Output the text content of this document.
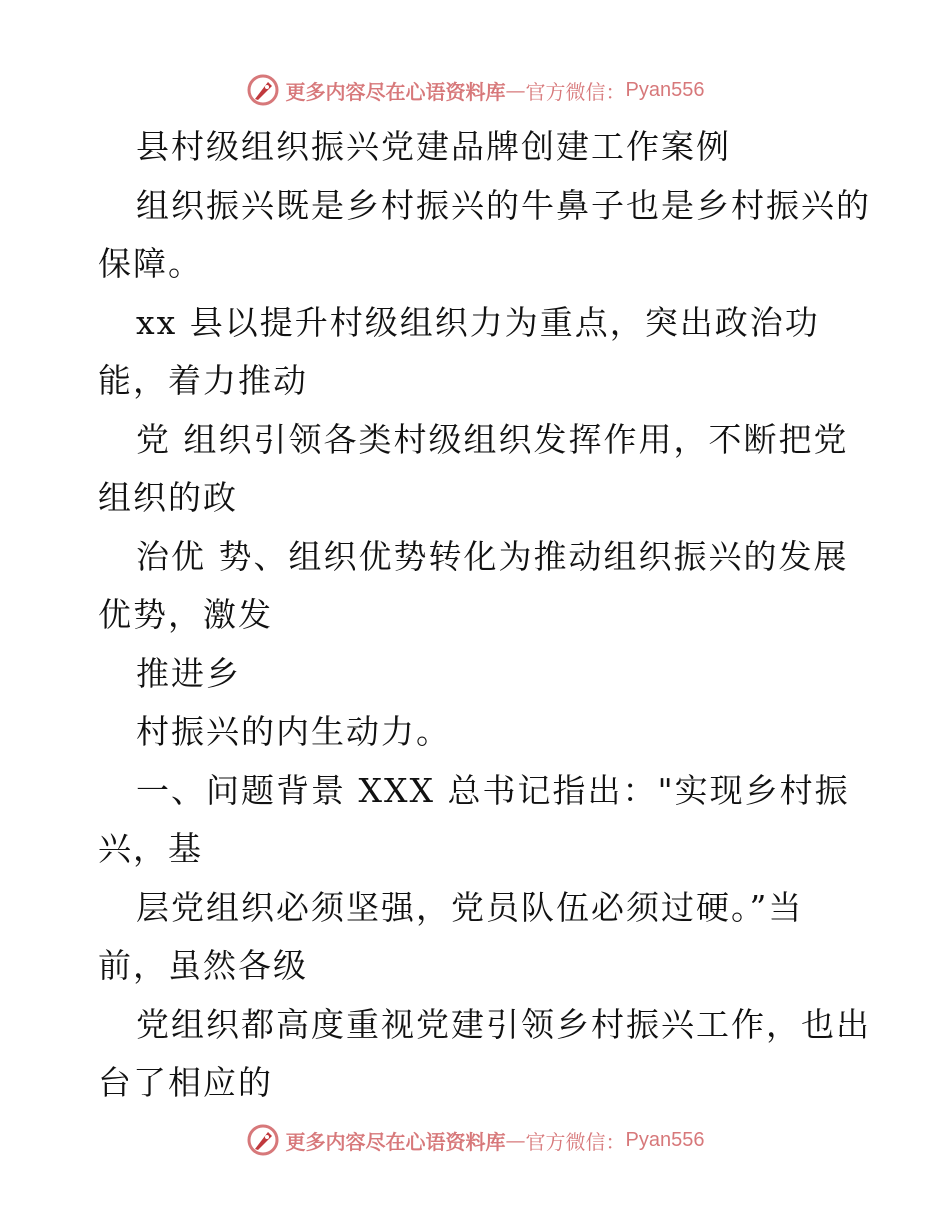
更多内容尽在心语资料库 — 官方微信： Pyan556
县村级组织振兴党建品牌创建工作案例
组织振兴既是乡村振兴的牛鼻子也是乡村振兴的
保障。
xx 县以提升村级组织力为重点，突出政治功
能，着力推动
党 组织引领各类村级组织发挥作用，不断把党
组织的政
治优 势、组织优势转化为推动组织振兴的发展
优势，激发
推进乡
村振兴的内生动力。
一、问题背景 XXX 总书记指出："实现乡村振
兴，基
层党组织必须坚强，党员队伍必须过硬。”当
前，虽然各级
党组织都高度重视党建引领乡村振兴工作，也出
台了相应的
更多内容尽在心语资料库 — 官方微信： Pyan556
